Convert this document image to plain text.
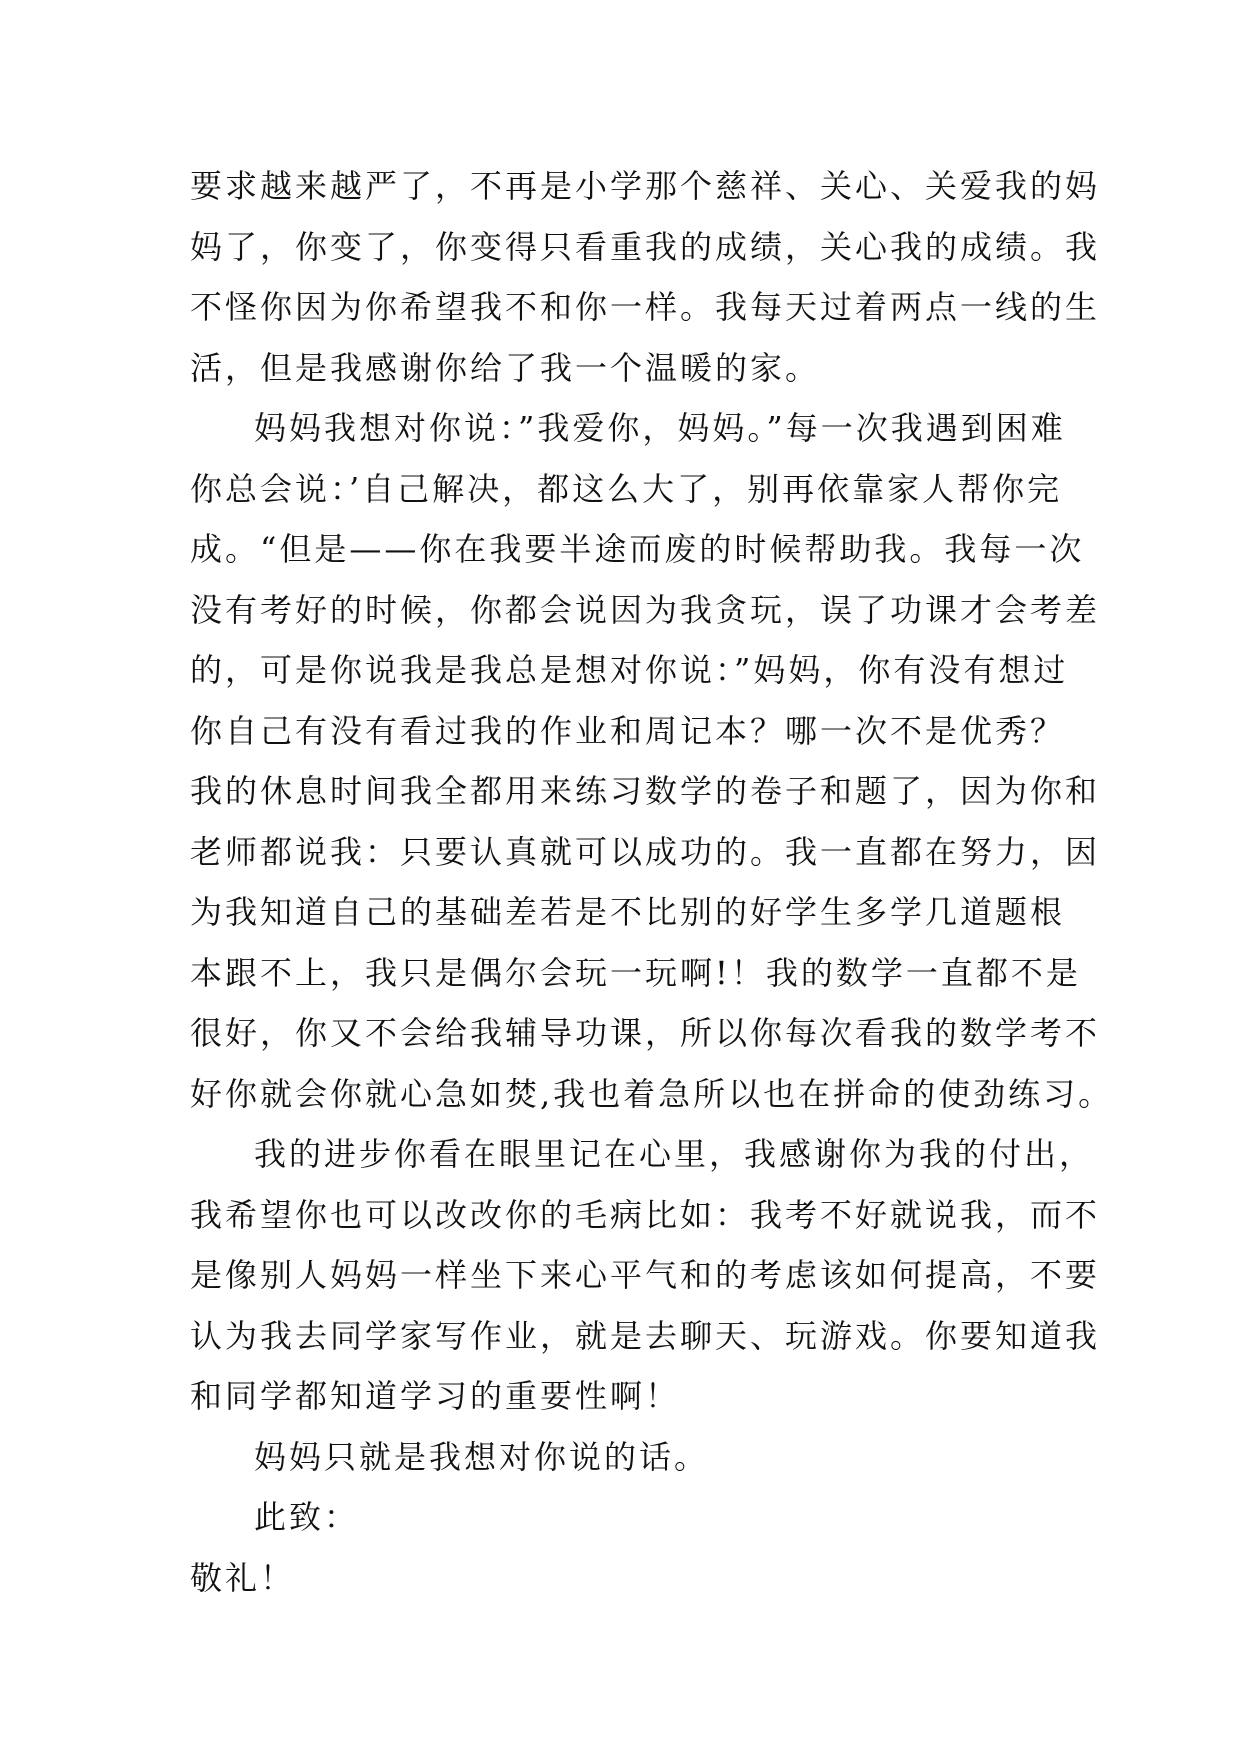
要求越来越严了，不再是小学那个慈祥、关心、关爱我的妈
妈了，你变了，你变得只看重我的成绩，关心我的成绩。我
不怪你因为你希望我不和你一样。我每天过着两点一线的生
活，但是我感谢你给了我一个温暖的家。
妈妈我想对你说：”我爱你，妈妈。”每一次我遇到困难
你总会说：’自己解决，都这么大了，别再依靠家人帮你完
成。“但是——你在我要半途而废的时候帮助我。我每一次
没有考好的时候，你都会说因为我贪玩，误了功课才会考差
的，可是你说我是我总是想对你说：”妈妈，你有没有想过
你自己有没有看过我的作业和周记本？哪一次不是优秀？
我的休息时间我全都用来练习数学的卷子和题了，因为你和
老师都说我：只要认真就可以成功的。我一直都在努力，因
为我知道自己的基础差若是不比别的好学生多学几道题根
本跟不上，我只是偶尔会玩一玩啊!！我的数学一直都不是
很好，你又不会给我辅导功课，所以你每次看我的数学考不
好你就会你就心急如焚,我也着急所以也在拼命的使劲练习。
我的进步你看在眼里记在心里，我感谢你为我的付出，
我希望你也可以改改你的毛病比如：我考不好就说我，而不
是像别人妈妈一样坐下来心平气和的考虑该如何提高，不要
认为我去同学家写作业，就是去聊天、玩游戏。你要知道我
和同学都知道学习的重要性啊！
妈妈只就是我想对你说的话。
此致：
敬礼！
